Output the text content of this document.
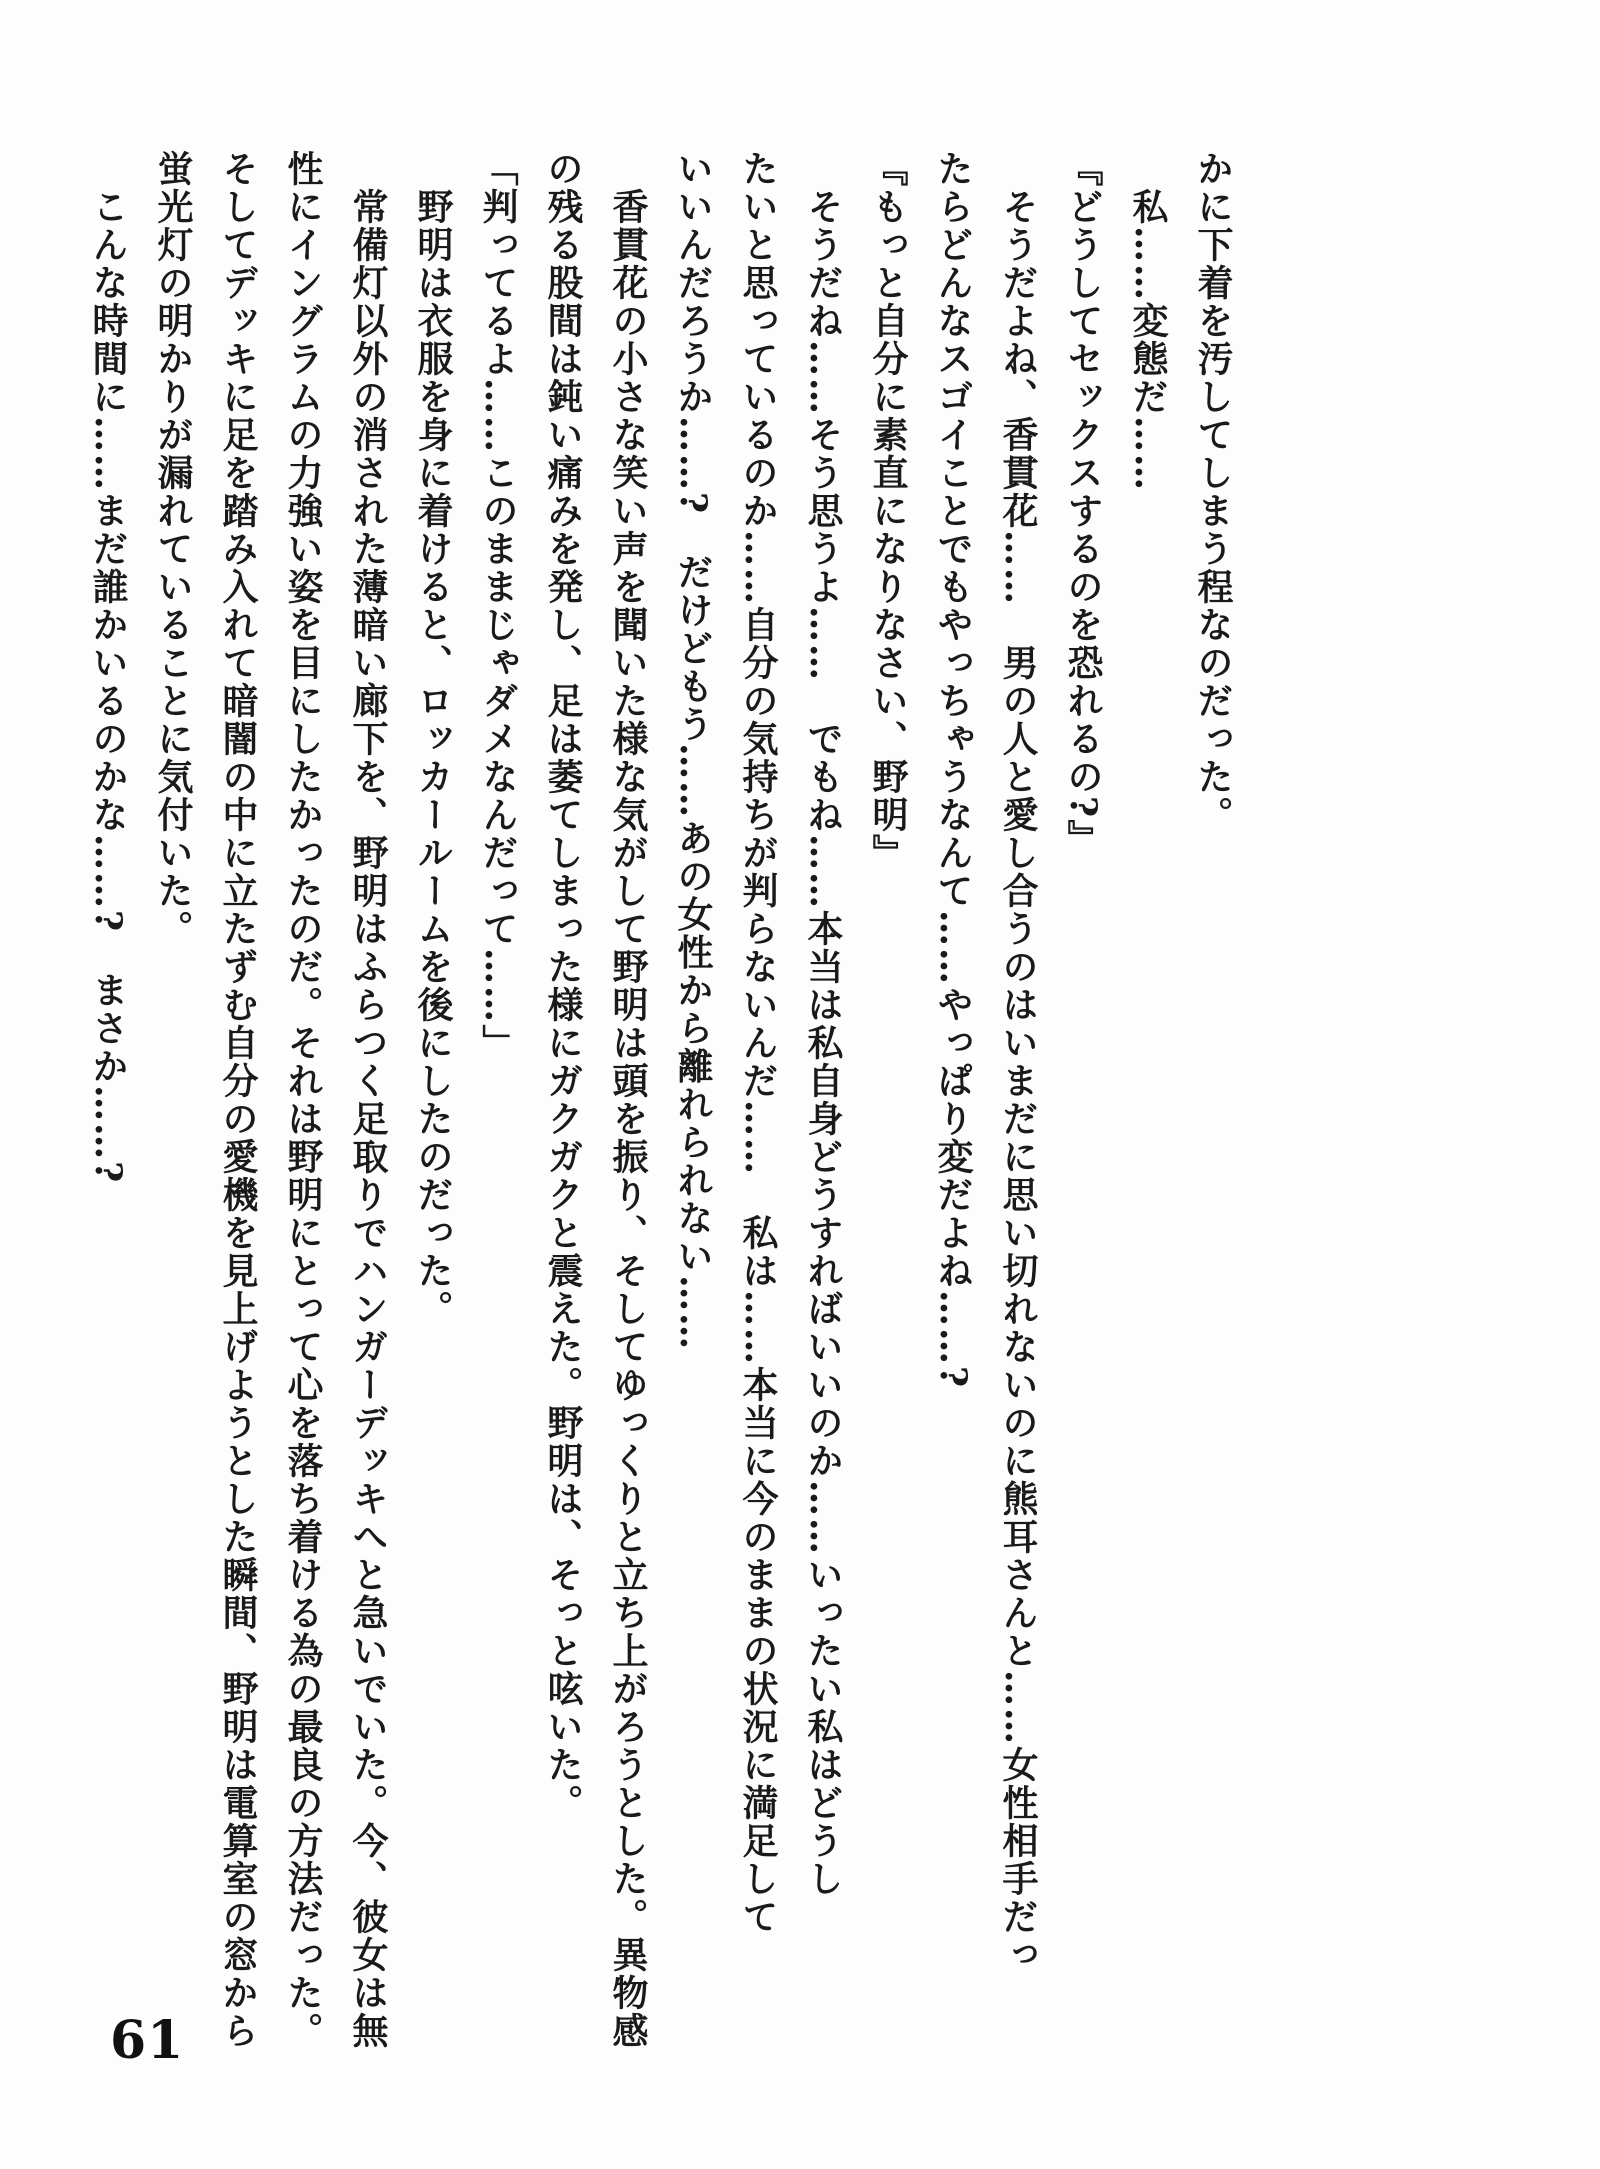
かに下着を汚してしまう程なのだった。
　私……変態だ……
『どうしてセックスするのを恐れるの?』
　そうだよね、香貫花……　男の人と愛し合うのはいまだに思い切れないのに熊耳さんと……女性相手だっ
たらどんなスゴイことでもやっちゃうなんて……やっぱり変だよね……?
『もっと自分に素直になりなさい、野明』
　そうだね……そう思うよ……　でもね……本当は私自身どうすればいいのか……いったい私はどうし
たいと思っているのか……自分の気持ちが判らないんだ……　私は……本当に今のままの状況に満足して
いいんだろうか……?　だけどもう……あの女性から離れられない……
　香貫花の小さな笑い声を聞いた様な気がして野明は頭を振り、そしてゆっくりと立ち上がろうとした。異物感
の残る股間は鈍い痛みを発し、足は萎てしまった様にガクガクと震えた。野明は、そっと呟いた。
「判ってるよ……このままじゃダメなんだって……」
　野明は衣服を身に着けると、ロッカールームを後にしたのだった。
　常備灯以外の消された薄暗い廊下を、野明はふらつく足取りでハンガーデッキへと急いでいた。今、彼女は無
性にイングラムの力強い姿を目にしたかったのだ。それは野明にとって心を落ち着ける為の最良の方法だった。
そしてデッキに足を踏み入れて暗闇の中に立たずむ自分の愛機を見上げようとした瞬間、野明は電算室の窓から
蛍光灯の明かりが漏れていることに気付いた。
　こんな時間に……まだ誰かいるのかな……?　まさか……?
61
